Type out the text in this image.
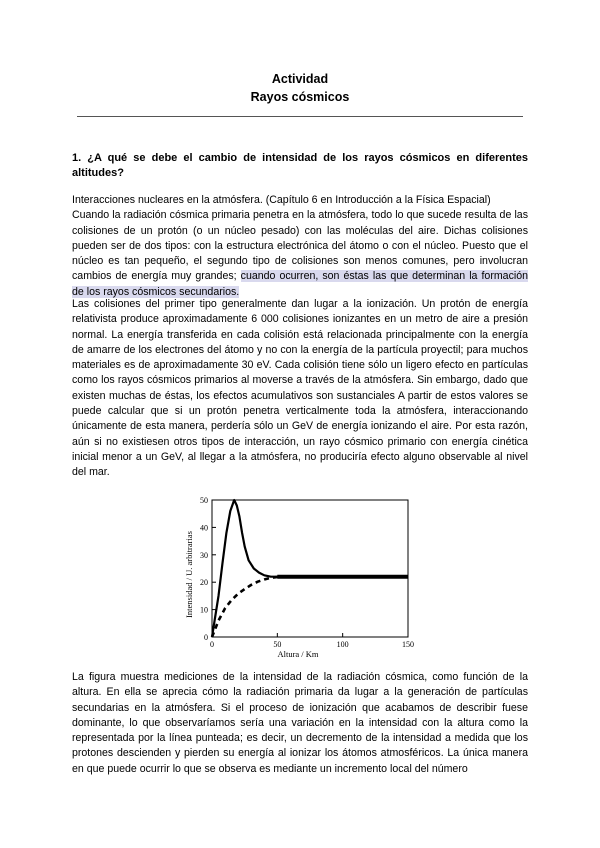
Actividad
Rayos cósmicos
1. ¿A qué se debe el cambio de intensidad de los rayos cósmicos en diferentes altitudes?
Interacciones nucleares en la atmósfera. (Capítulo 6 en Introducción a la Física Espacial)
Cuando la radiación cósmica primaria penetra en la atmósfera, todo lo que sucede resulta de las colisiones de un protón (o un núcleo pesado) con las moléculas del aire. Dichas colisiones pueden ser de dos tipos: con la estructura electrónica del átomo o con el núcleo. Puesto que el núcleo es tan pequeño, el segundo tipo de colisiones son menos comunes, pero involucran cambios de energía muy grandes; cuando ocurren, son éstas las que determinan la formación de los rayos cósmicos secundarios.
Las colisiones del primer tipo generalmente dan lugar a la ionización. Un protón de energía relativista produce aproximadamente 6 000 colisiones ionizantes en un metro de aire a presión normal. La energía transferida en cada colisión está relacionada principalmente con la energía de amarre de los electrones del átomo y no con la energía de la partícula proyectil; para muchos materiales es de aproximadamente 30 eV. Cada colisión tiene sólo un ligero efecto en partículas como los rayos cósmicos primarios al moverse a través de la atmósfera. Sin embargo, dado que existen muchas de éstas, los efectos acumulativos son sustanciales A partir de estos valores se puede calcular que si un protón penetra verticalmente toda la atmósfera, interaccionando únicamente de esta manera, perdería sólo un GeV de energía ionizando el aire. Por esta razón, aún si no existiesen otros tipos de interacción, un rayo cósmico primario con energía cinética inicial menor a un GeV, al llegar a la atmósfera, no produciría efecto alguno observable al nivel del mar.
0	50	100	150
0
10
20
30
40
50
Altura / Km
Intensidad / U. arbitrarias
La figura muestra mediciones de la intensidad de la radiación cósmica, como función de la altura. En ella se aprecia cómo la radiación primaria da lugar a la generación de partículas secundarias en la atmósfera. Si el proceso de ionización que acabamos de describir fuese dominante, lo que observaríamos sería una variación en la intensidad con la altura como la representada por la línea punteada; es decir, un decremento de la intensidad a medida que los protones descienden y pierden su energía al ionizar los átomos atmosféricos. La única manera en que puede ocurrir lo que se observa es mediante un incremento local del número
